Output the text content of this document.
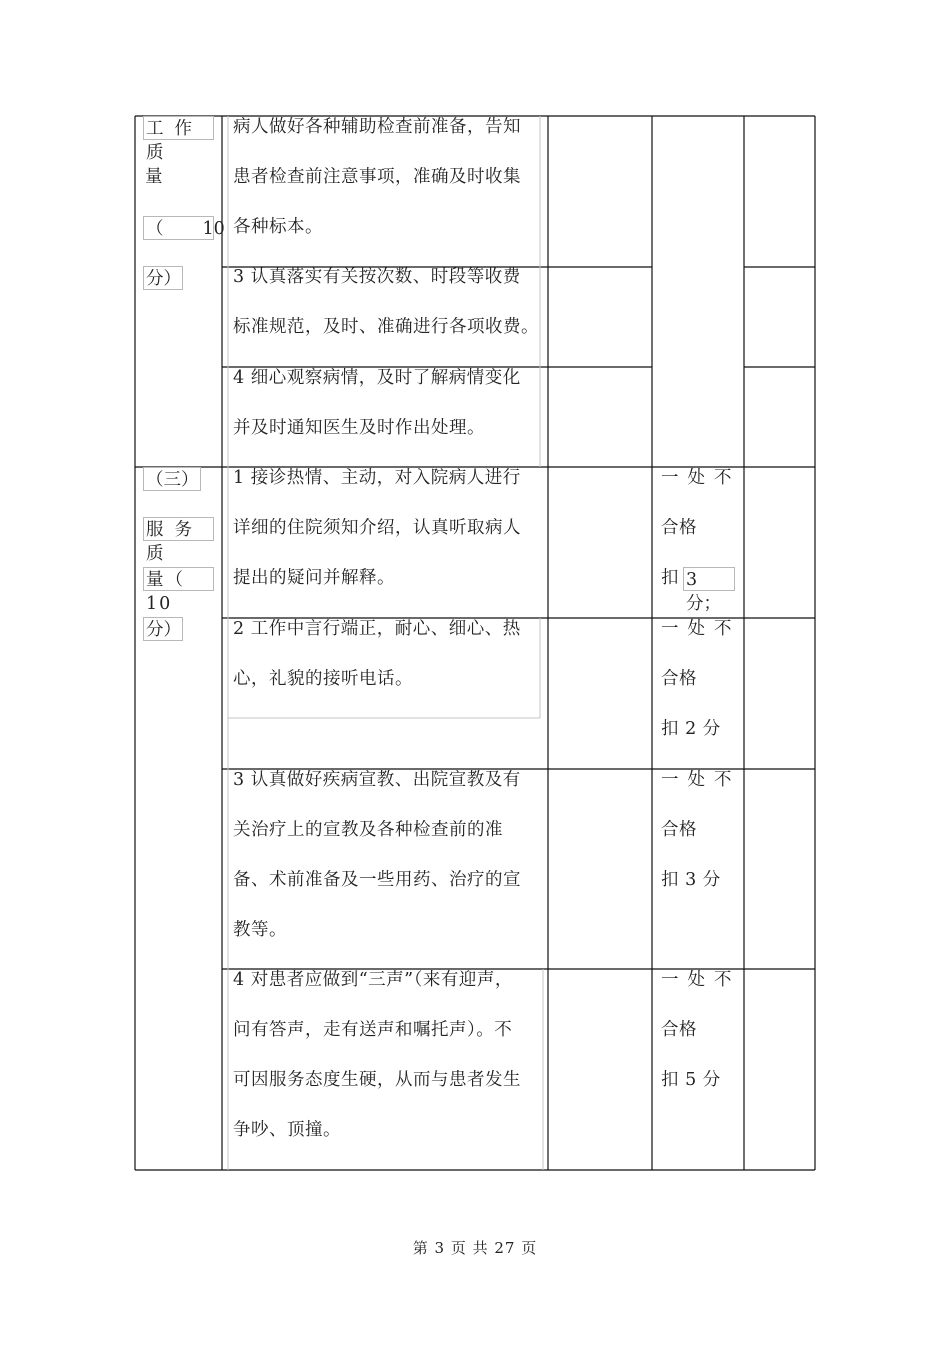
工作质
量
（       10
分）
病人做好各种辅助检查前准备，告知
患者检查前注意事项，准确及时收集
各种标本。
3 认真落实有关按次数、时段等收费
标准规范，及时、准确进行各项收费。
4 细心观察病情，及时了解病情变化
并及时通知医生及时作出处理。
（三）
服务质
量（ 10
分）
1 接诊热情、主动，对入院病人进行
详细的住院须知介绍，认真听取病人
提出的疑问并解释。
一处不
合格
扣 3 分；
2 工作中言行端正，耐心、细心、热
心，礼貌的接听电话。
一处不
合格
扣 2 分
3 认真做好疾病宣教、出院宣教及有
关治疗上的宣教及各种检查前的准
备、术前准备及一些用药、治疗的宣
教等。
一处不
合格
扣 3 分
4 对患者应做到“三声”（来有迎声，
问有答声，走有送声和嘱托声）。不
可因服务态度生硬，从而与患者发生
争吵、顶撞。
一处不
合格
扣 5 分
第 3 页 共 27 页
